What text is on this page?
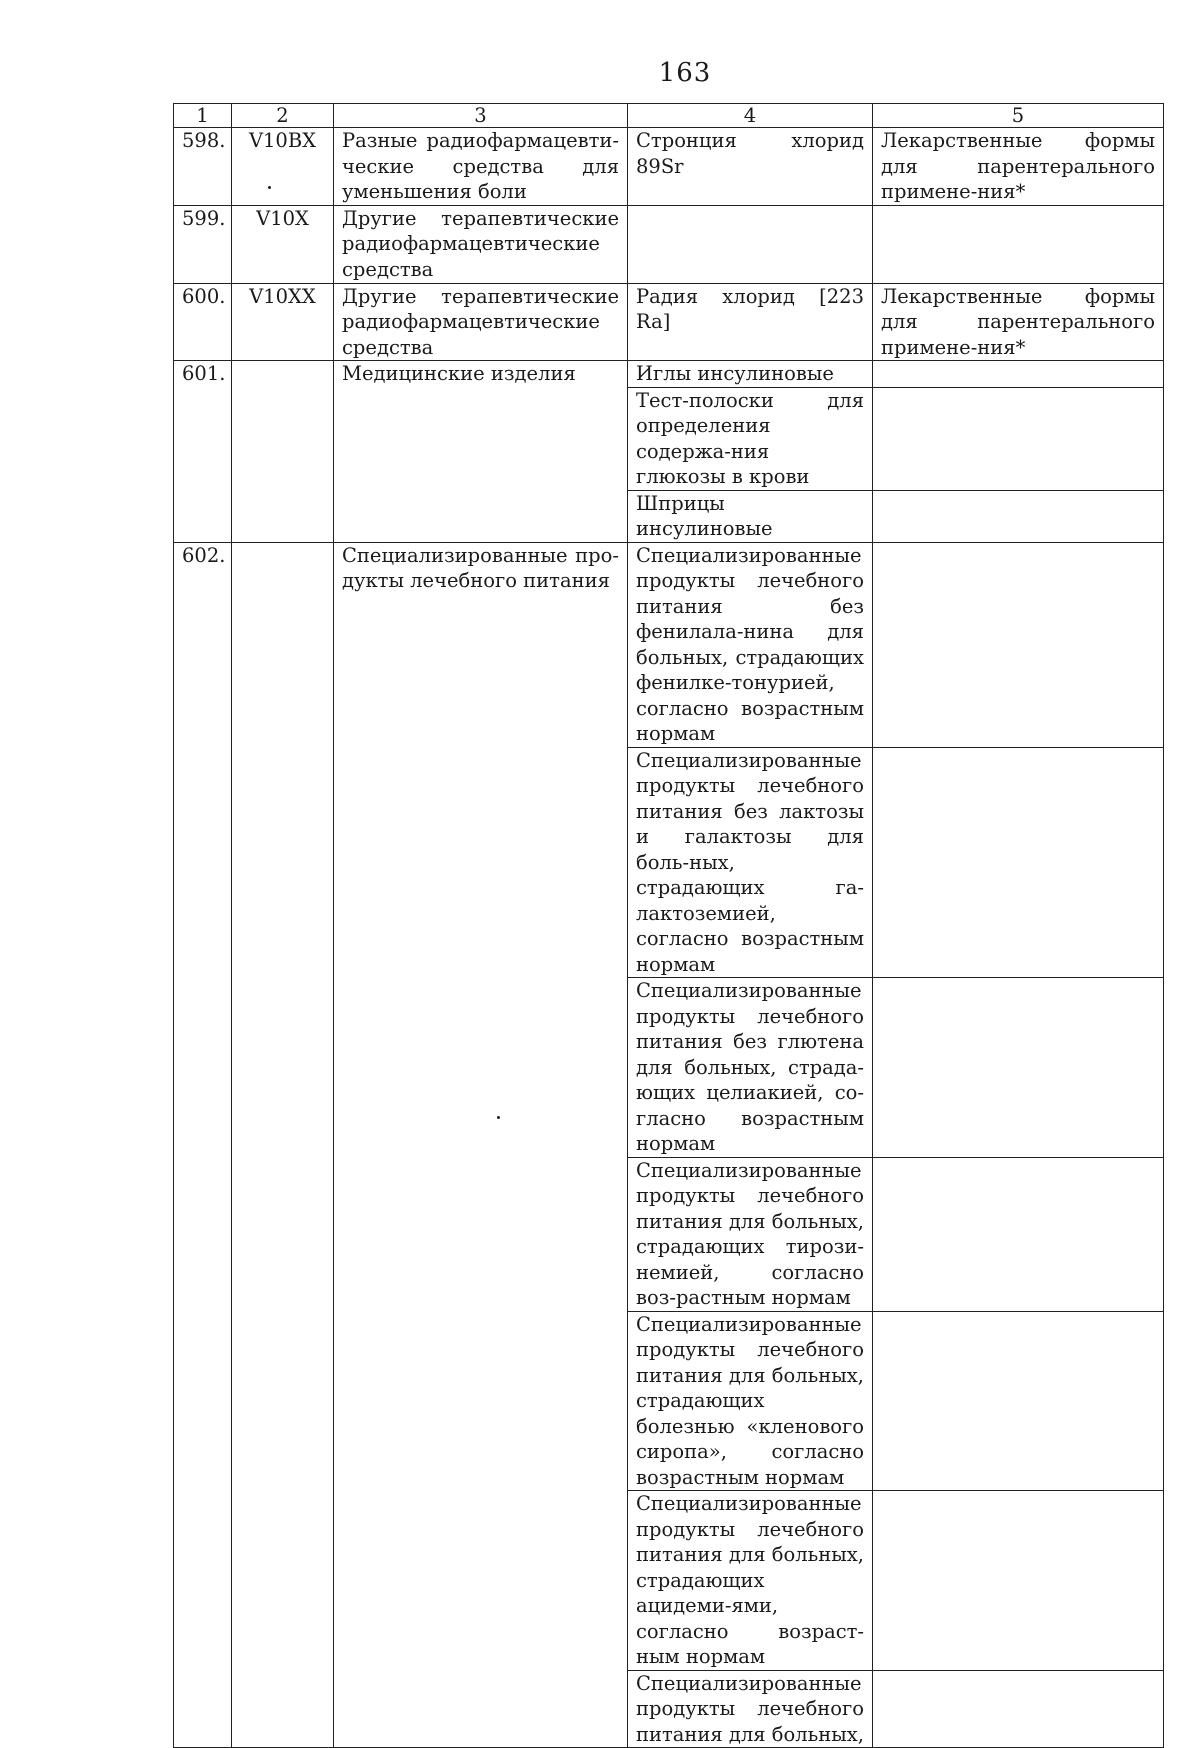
163
1	2	3	4	5
598.	V10BX	Разные радиофармацевти-ческие средства для уменьшения боли	Стронция хлорид 89Sr	Лекарственные формы для парентерального примене-ния*
599.	V10X	Другие терапевтические радиофармацевтические средства		
600.	V10XX	Другие терапевтические радиофармацевтические средства	Радия хлорид [223 Ra]	Лекарственные формы для парентерального примене-ния*
601.		Медицинские изделия	Иглы инсулиновые	
			Тест-полоски для определения содержа-ния глюкозы в крови	
			Шприцы инсулиновые	
602.		Специализированные про-дукты лечебного питания	Специализированные продукты лечебного питания без фенилала-нина для больных, страдающих фенилке-тонурией, согласно возрастным нормам	
			Специализированные продукты лечебного питания без лактозы и галактозы для боль-ных, страдающих га-лактоземией, согласно возрастным нормам	
			Специализированные продукты лечебного питания без глютена для больных, страда-ющих целиакией, со-гласно возрастным нормам	
			Специализированные продукты лечебного питания для больных, страдающих тирози-немией, согласно воз-растным нормам	
			Специализированные продукты лечебного питания для больных, страдающих болезнью «кленового сиропа», согласно возрастным нормам	
			Специализированные продукты лечебного питания для больных, страдающих ацидеми-ями, согласно возраст-ным нормам	
			Специализированные продукты лечебного питания для больных,	
